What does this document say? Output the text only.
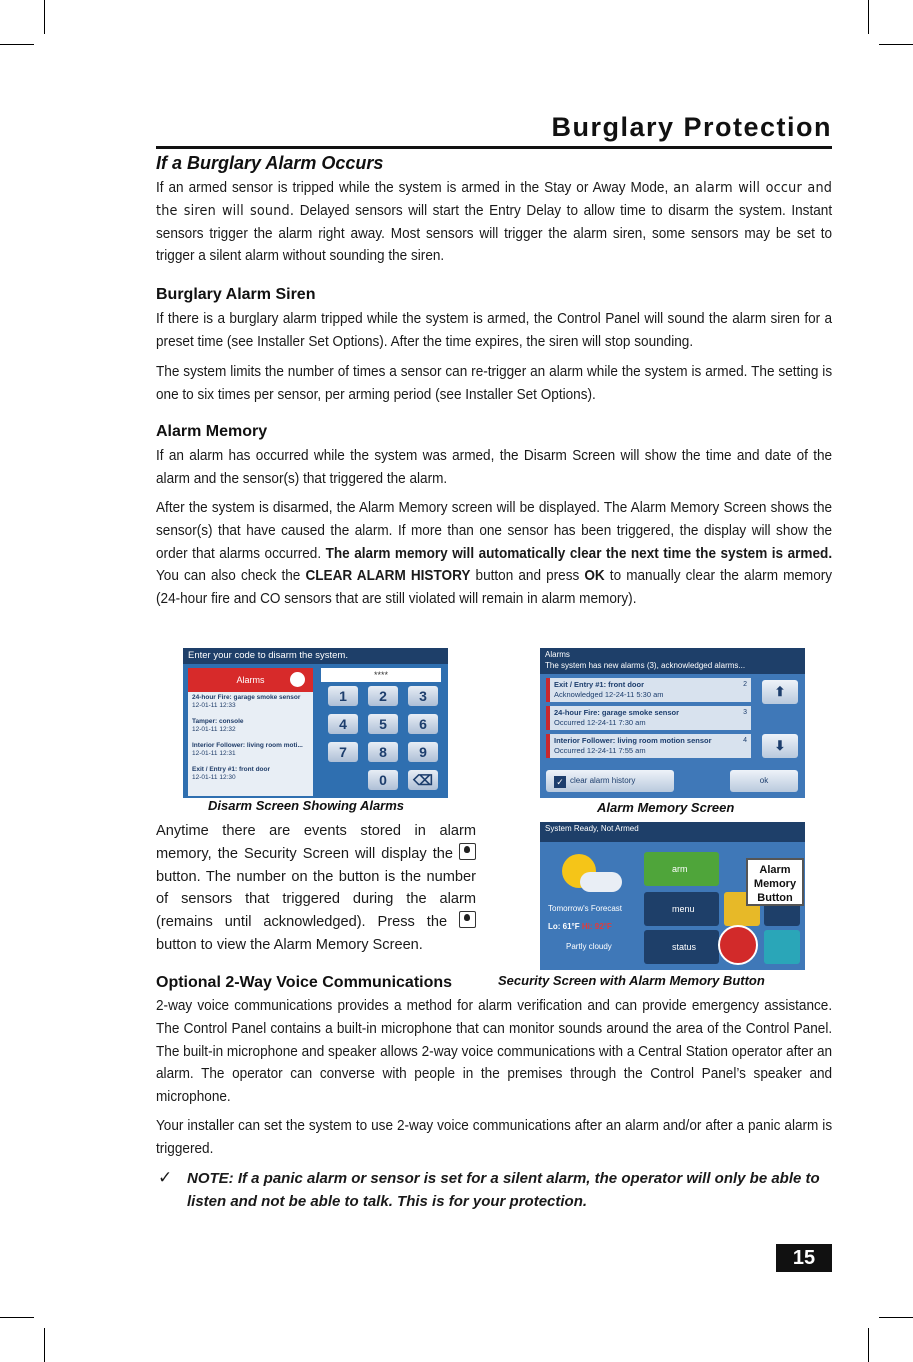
Burglary Protection
If a Burglary Alarm Occurs
If an armed sensor is tripped while the system is armed in the Stay or Away Mode, an alarm will occur and the siren will sound. Delayed sensors will start the Entry Delay to allow time to disarm the system. Instant sensors trigger the alarm right away. Most sensors will trigger the alarm siren, some sensors may be set to trigger a silent alarm without sounding the siren.
Burglary Alarm Siren
If there is a burglary alarm tripped while the system is armed, the Control Panel will sound the alarm siren for a preset time (see Installer Set Options). After the time expires, the siren will stop sounding.
The system limits the number of times a sensor can re-trigger an alarm while the system is armed. The setting is one to six times per sensor, per arming period (see Installer Set Options).
Alarm Memory
If an alarm has occurred while the system was armed, the Disarm Screen will show the time and date of the alarm and the sensor(s) that triggered the alarm.
After the system is disarmed, the Alarm Memory screen will be displayed. The Alarm Memory Screen shows the sensor(s) that have caused the alarm. If more than one sensor has been triggered, the display will show the order that alarms occurred. The alarm memory will automatically clear the next time the system is armed. You can also check the CLEAR ALARM HISTORY button and press OK to manually clear the alarm memory (24-hour fire and CO sensors that are still violated will remain in alarm memory).
Enter your code to disarm the system.
Alarms
24-hour Fire: garage smoke sensor
12-01-11 12:33
Tamper: console
12-01-11 12:32
Interior Follower: living room moti...
12-01-11 12:31
Exit / Entry #1: front door
12-01-11 12:30
****
1	2	3
4	5	6
7	8	9
0	⌫
Disarm Screen Showing Alarms
Alarms
The system has new alarms (3), acknowledged alarms...
Exit / Entry #1: front door
Acknowledged 12-24-11 5:30 am
2
24-hour Fire: garage smoke sensor
Occurred 12-24-11 7:30 am
3
Interior Follower: living room motion sensor
Occurred 12-24-11 7:55 am
4
⬆
⬇
✓ clear alarm history	ok
Alarm Memory Screen
Anytime there are events stored in alarm memory, the Security Screen will display the  button. The number on the button is the number of sensors that triggered during the alarm (remains until acknowledged). Press the  button to view the Alarm Memory Screen.
System Ready, Not Armed
Tomorrow's Forecast
Lo: 61°F Hi: 92°F
Partly cloudy
arm
menu
status
Alarm Memory Button
Security Screen with Alarm Memory Button
Optional 2-Way Voice Communications
2-way voice communications provides a method for alarm verification and can provide emergency assistance. The Control Panel contains a built-in microphone that can monitor sounds around the area of the Control Panel. The built-in microphone and speaker allows 2-way voice communications with a Central Station operator after an alarm. The operator can converse with people in the premises through the Control Panel’s speaker and microphone.
Your installer can set the system to use 2-way voice communications after an alarm and/or after a panic alarm is triggered.
✓ NOTE: If a panic alarm or sensor is set for a silent alarm, the operator will only be able to listen and not be able to talk. This is for your protection.
15
